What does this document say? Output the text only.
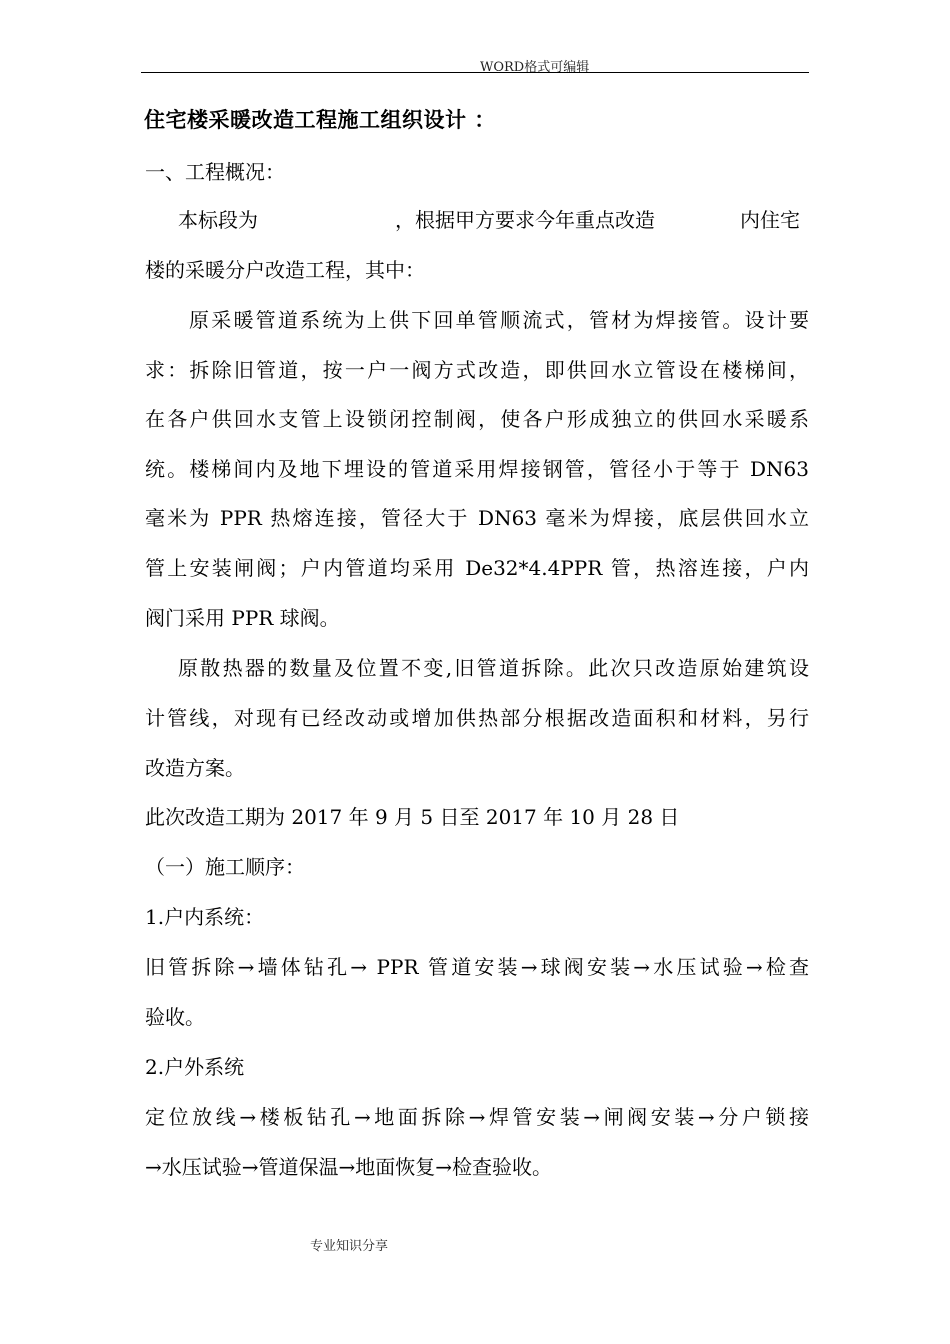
WORD格式可编辑
住宅楼采暖改造工程施工组织设计 ：
一、工程概况：
本标段为	，根据甲方要求今年重点改造	内住宅
楼的采暖分户改造工程，其中：
原采暖管道系统为上供下回单管顺流式，管材为焊接管。设计要
求：拆除旧管道，按一户一阀方式改造，即供回水立管设在楼梯间，
在各户供回水支管上设锁闭控制阀，使各户形成独立的供回水采暖系
统。楼梯间内及地下埋设的管道采用焊接钢管，管径小于等于 DN63
毫米为 PPR 热熔连接，管径大于 DN63 毫米为焊接，底层供回水立
管上安装闸阀；户内管道均采用 De32*4.4PPR 管，热溶连接，户内
阀门采用 PPR 球阀。
原散热器的数量及位置不变,旧管道拆除。此次只改造原始建筑设
计管线，对现有已经改动或增加供热部分根据改造面积和材料，另行
改造方案。
此次改造工期为 2017 年 9 月 5 日至 2017 年 10 月 28 日
（一）施工顺序：
1.户内系统：
旧管拆除→墙体钻孔→ PPR 管道安装→球阀安装→水压试验→检查
验收。
2.户外系统
定位放线→楼板钻孔→地面拆除→焊管安装→闸阀安装→分户锁接
→水压试验→管道保温→地面恢复→检查验收。
专业知识分享
